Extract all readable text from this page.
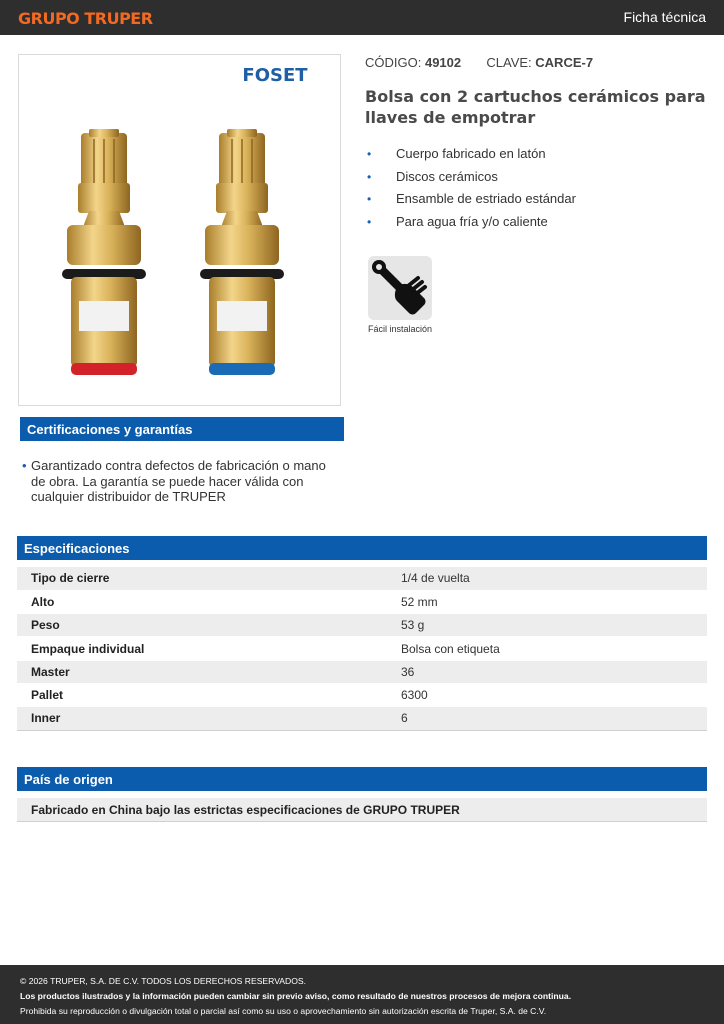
GRUPO TRUPER	Ficha técnica
FOSET
CÓDIGO: 49102 CLAVE: CARCE-7
Bolsa con 2 cartuchos cerámicos para llaves de empotrar
• Cuerpo fabricado en latón
• Discos cerámicos
• Ensamble de estriado estándar
• Para agua fría y/o caliente
Fácil instalación
Certificaciones y garantías
• Garantizado contra defectos de fabricación o mano de obra. La garantía se puede hacer válida con cualquier distribuidor de TRUPER
Especificaciones
Tipo de cierre	1/4 de vuelta
Alto	52 mm
Peso	53 g
Empaque individual	Bolsa con etiqueta
Master	36
Pallet	6300
Inner	6
País de origen
Fabricado en China bajo las estrictas especificaciones de GRUPO TRUPER
© 2026 TRUPER, S.A. DE C.V. TODOS LOS DERECHOS RESERVADOS.
Los productos ilustrados y la información pueden cambiar sin previo aviso, como resultado de nuestros procesos de mejora continua.
Prohibida su reproducción o divulgación total o parcial así como su uso o aprovechamiento sin autorización escrita de Truper, S.A. de C.V.
